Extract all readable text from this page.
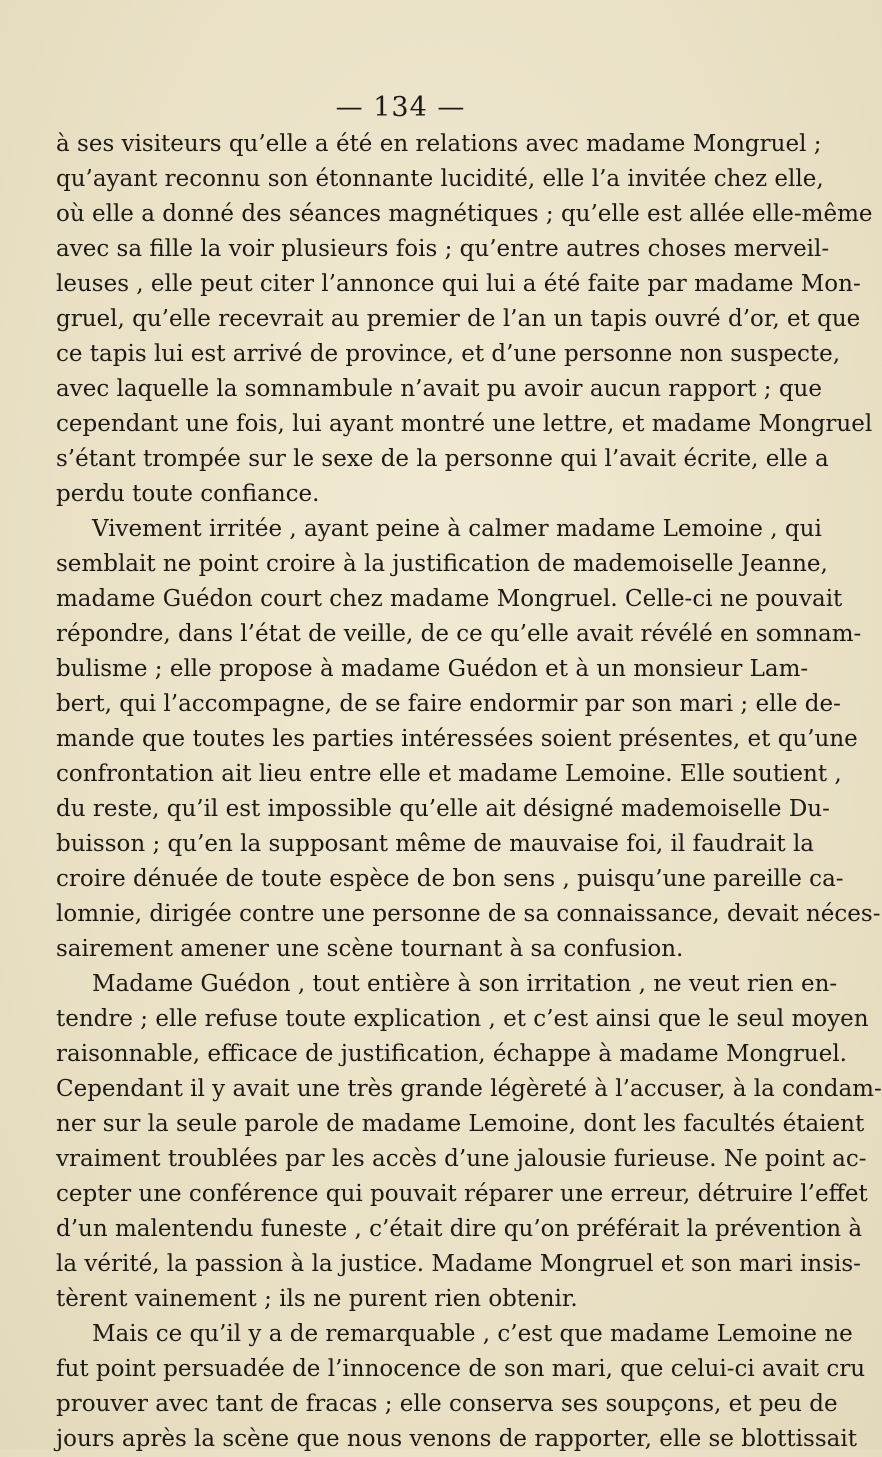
— 134 —
à ses visiteurs qu’elle a été en relations avec madame Mongruel ;
qu’ayant reconnu son étonnante lucidité, elle l’a invitée chez elle,
où elle a donné des séances magnétiques ; qu’elle est allée elle-même
avec sa fille la voir plusieurs fois ; qu’entre autres choses merveil-
leuses , elle peut citer l’annonce qui lui a été faite par madame Mon-
gruel, qu’elle recevrait au premier de l’an un tapis ouvré d’or, et que
ce tapis lui est arrivé de province, et d’une personne non suspecte,
avec laquelle la somnambule n’avait pu avoir aucun rapport ; que
cependant une fois, lui ayant montré une lettre, et madame Mongruel
s’étant trompée sur le sexe de la personne qui l’avait écrite, elle a
perdu toute confiance.
Vivement irritée , ayant peine à calmer madame Lemoine , qui
semblait ne point croire à la justification de mademoiselle Jeanne,
madame Guédon court chez madame Mongruel. Celle-ci ne pouvait
répondre, dans l’état de veille, de ce qu’elle avait révélé en somnam-
bulisme ; elle propose à madame Guédon et à un monsieur Lam-
bert, qui l’accompagne, de se faire endormir par son mari ; elle de-
mande que toutes les parties intéressées soient présentes, et qu’une
confrontation ait lieu entre elle et madame Lemoine. Elle soutient ,
du reste, qu’il est impossible qu’elle ait désigné mademoiselle Du-
buisson ; qu’en la supposant même de mauvaise foi, il faudrait la
croire dénuée de toute espèce de bon sens , puisqu’une pareille ca-
lomnie, dirigée contre une personne de sa connaissance, devait néces-
sairement amener une scène tournant à sa confusion.
Madame Guédon , tout entière à son irritation , ne veut rien en-
tendre ; elle refuse toute explication , et c’est ainsi que le seul moyen
raisonnable, efficace de justification, échappe à madame Mongruel.
Cependant il y avait une très grande légèreté à l’accuser, à la condam-
ner sur la seule parole de madame Lemoine, dont les facultés étaient
vraiment troublées par les accès d’une jalousie furieuse. Ne point ac-
cepter une conférence qui pouvait réparer une erreur, détruire l’effet
d’un malentendu funeste , c’était dire qu’on préférait la prévention à
la vérité, la passion à la justice. Madame Mongruel et son mari insis-
tèrent vainement ; ils ne purent rien obtenir.
Mais ce qu’il y a de remarquable , c’est que madame Lemoine ne
fut point persuadée de l’innocence de son mari, que celui-ci avait cru
prouver avec tant de fracas ; elle conserva ses soupçons, et peu de
jours après la scène que nous venons de rapporter, elle se blottissait
